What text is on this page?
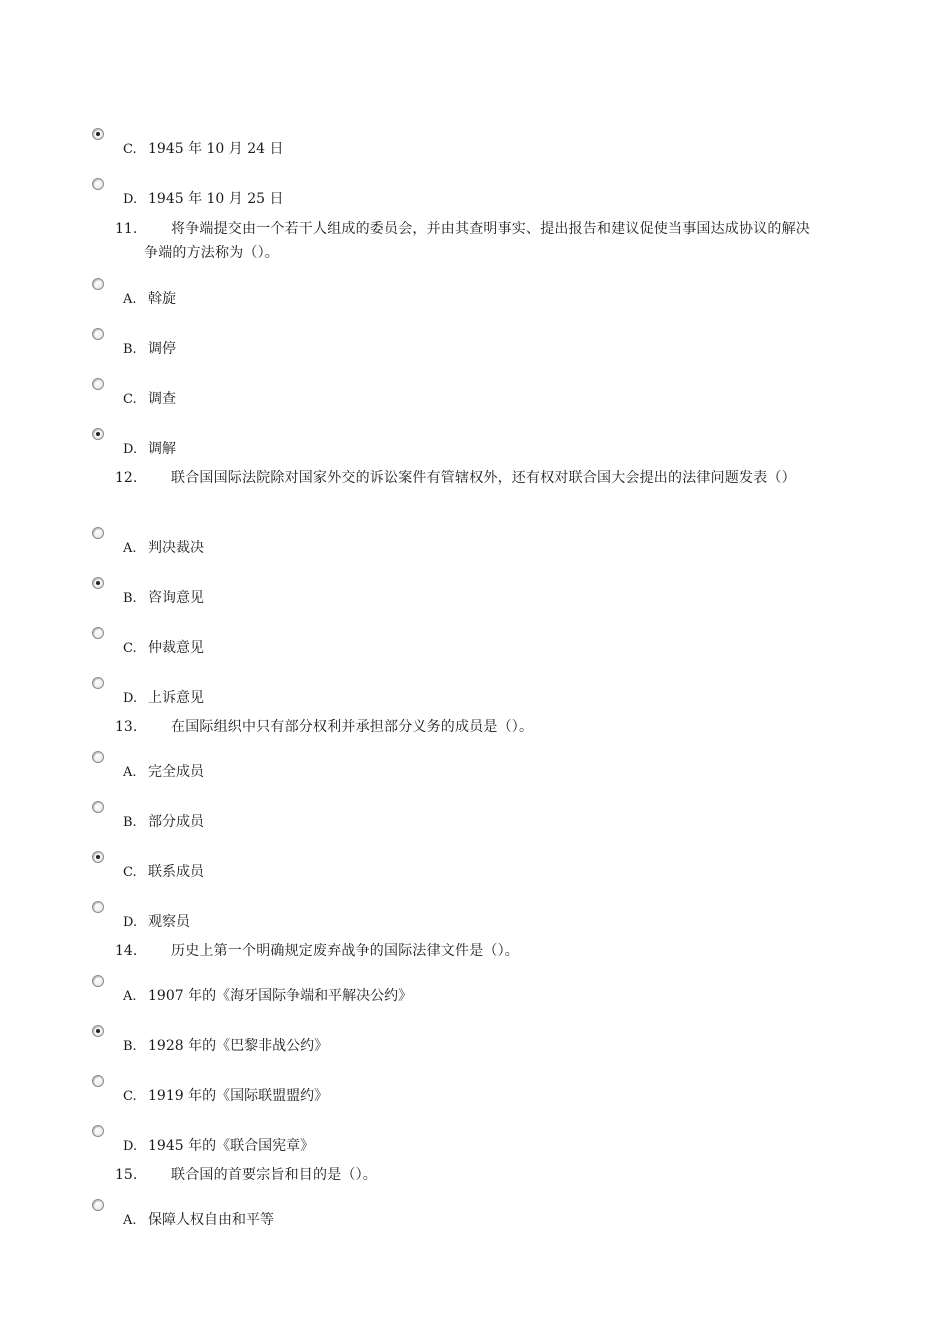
C. 1945 年 10 月 24 日
D. 1945 年 10 月 25 日
11.	将争端提交由一个若干人组成的委员会，并由其查明事实、提出报告和建议促使当事国达成协议的解决争端的方法称为（）。
A. 斡旋
B. 调停
C. 调查
D. 调解
12.	联合国国际法院除对国家外交的诉讼案件有管辖权外，还有权对联合国大会提出的法律问题发表（）
A. 判决裁决
B. 咨询意见
C. 仲裁意见
D. 上诉意见
13.	在国际组织中只有部分权利并承担部分义务的成员是（）。
A. 完全成员
B. 部分成员
C. 联系成员
D. 观察员
14.	历史上第一个明确规定废弃战争的国际法律文件是（）。
A. 1907 年的《海牙国际争端和平解决公约》
B. 1928 年的《巴黎非战公约》
C. 1919 年的《国际联盟盟约》
D. 1945 年的《联合国宪章》
15.	联合国的首要宗旨和目的是（）。
A. 保障人权自由和平等
